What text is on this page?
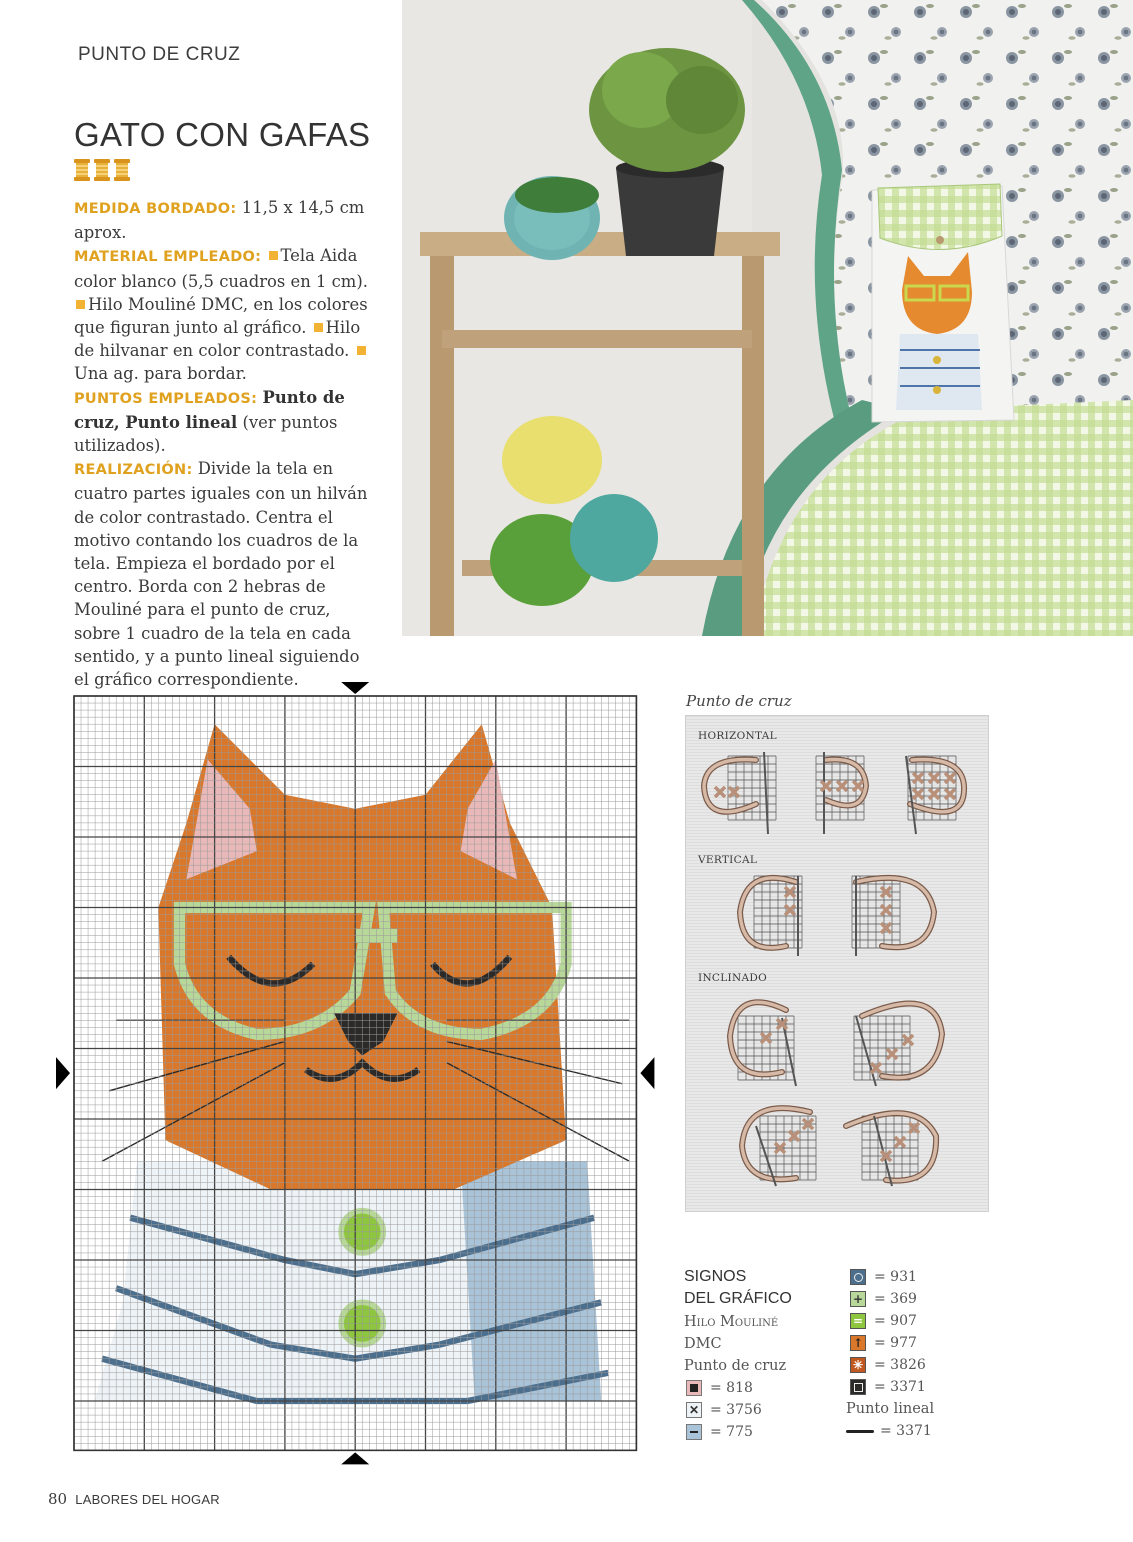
PUNTO DE CRUZ
GATO CON GAFAS

MEDIDA BORDADO: 11,5 x 14,5 cm aprox.

MATERIAL EMPLEADO: Tela Aida color blanco (5,5 cuadros en 1 cm). Hilo Mouliné DMC, en los colores que figuran junto al gráfico. Hilo de hilvanar en color contrastado. Una ag. para bordar.

PUNTOS EMPLEADOS: Punto de cruz, Punto lineal (ver puntos utilizados).

REALIZACIÓN: Divide la tela en cuatro partes iguales con un hilván de color contrastado. Centra el motivo contando los cuadros de la tela. Empieza el bordado por el centro. Borda con 2 hebras de Mouliné para el punto de cruz, sobre 1 cuadro de la tela en cada sentido, y a punto lineal siguiendo el gráfico correspondiente.

Punto de cruz
HORIZONTAL
VERTICAL
INCLINADO
SIGNOS
DEL GRÁFICO
Hilo Mouliné
DMC
Punto de cruz
= 818
✕ = 3756
= 775
= 931
+ = 369
= = 907
↑ = 977
✳ = 3826
= 3371
Punto lineal
= 3371
80 LABORES DEL HOGAR
